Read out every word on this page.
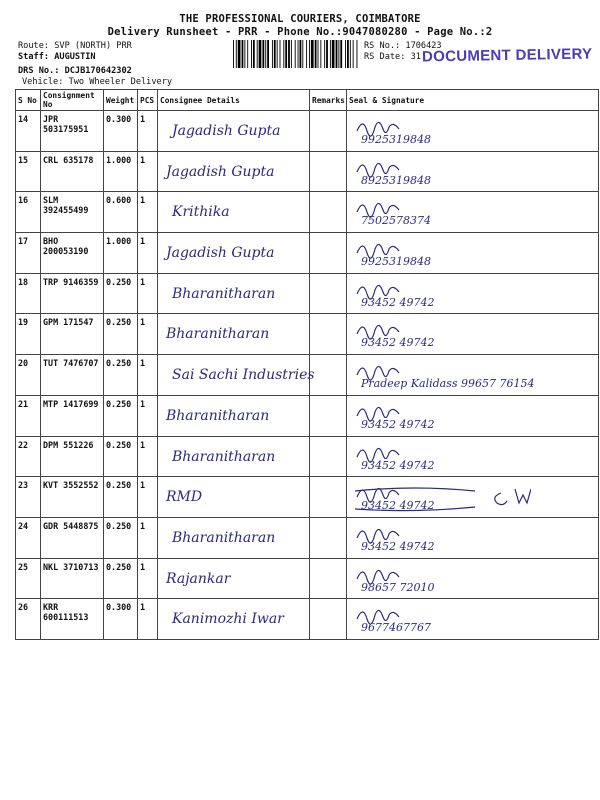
THE PROFESSIONAL COURIERS, COIMBATORE
Delivery Runsheet - PRR - Phone No.:9047080280 - Page No.:2
Route: SVP (NORTH) PRR
Staff: AUGUSTIN
DRS No.: DCJB170642302
Vehicle: Two Wheeler Delivery
RS No.: 1706423
RS Date: 31 DOCUMENT DELIVERY
S No	Consignment No	Weight	PCS	Consignee Details	Remarks	Seal & Signature
14	JPR 503175951	0.300	1	Jagadish Gupta		9925319848

15	CRL 635178	1.000	1	Jagadish Gupta		8925319848

16	SLM 392455499	0.600	1	Krithika		7502578374

17	BHO 200053190	1.000	1	Jagadish Gupta		9925319848

18	TRP 9146359	0.250	1	Bharanitharan		93452 49742

19	GPM 171547	0.250	1	Bharanitharan		93452 49742

20	TUT 7476707	0.250	1	Sai Sachi Industries		Pradeep Kalidass 99657 76154

21	MTP 1417699	0.250	1	Bharanitharan		93452 49742

22	DPM 551226	0.250	1	Bharanitharan		93452 49742

23	KVT 3552552	0.250	1	RMD		93452 49742

24	GDR 5448875	0.250	1	Bharanitharan		93452 49742

25	NKL 3710713	0.250	1	Rajankar		98657 72010

26	KRR 600111513	0.300	1	Kanimozhi Iwar		9677467767
